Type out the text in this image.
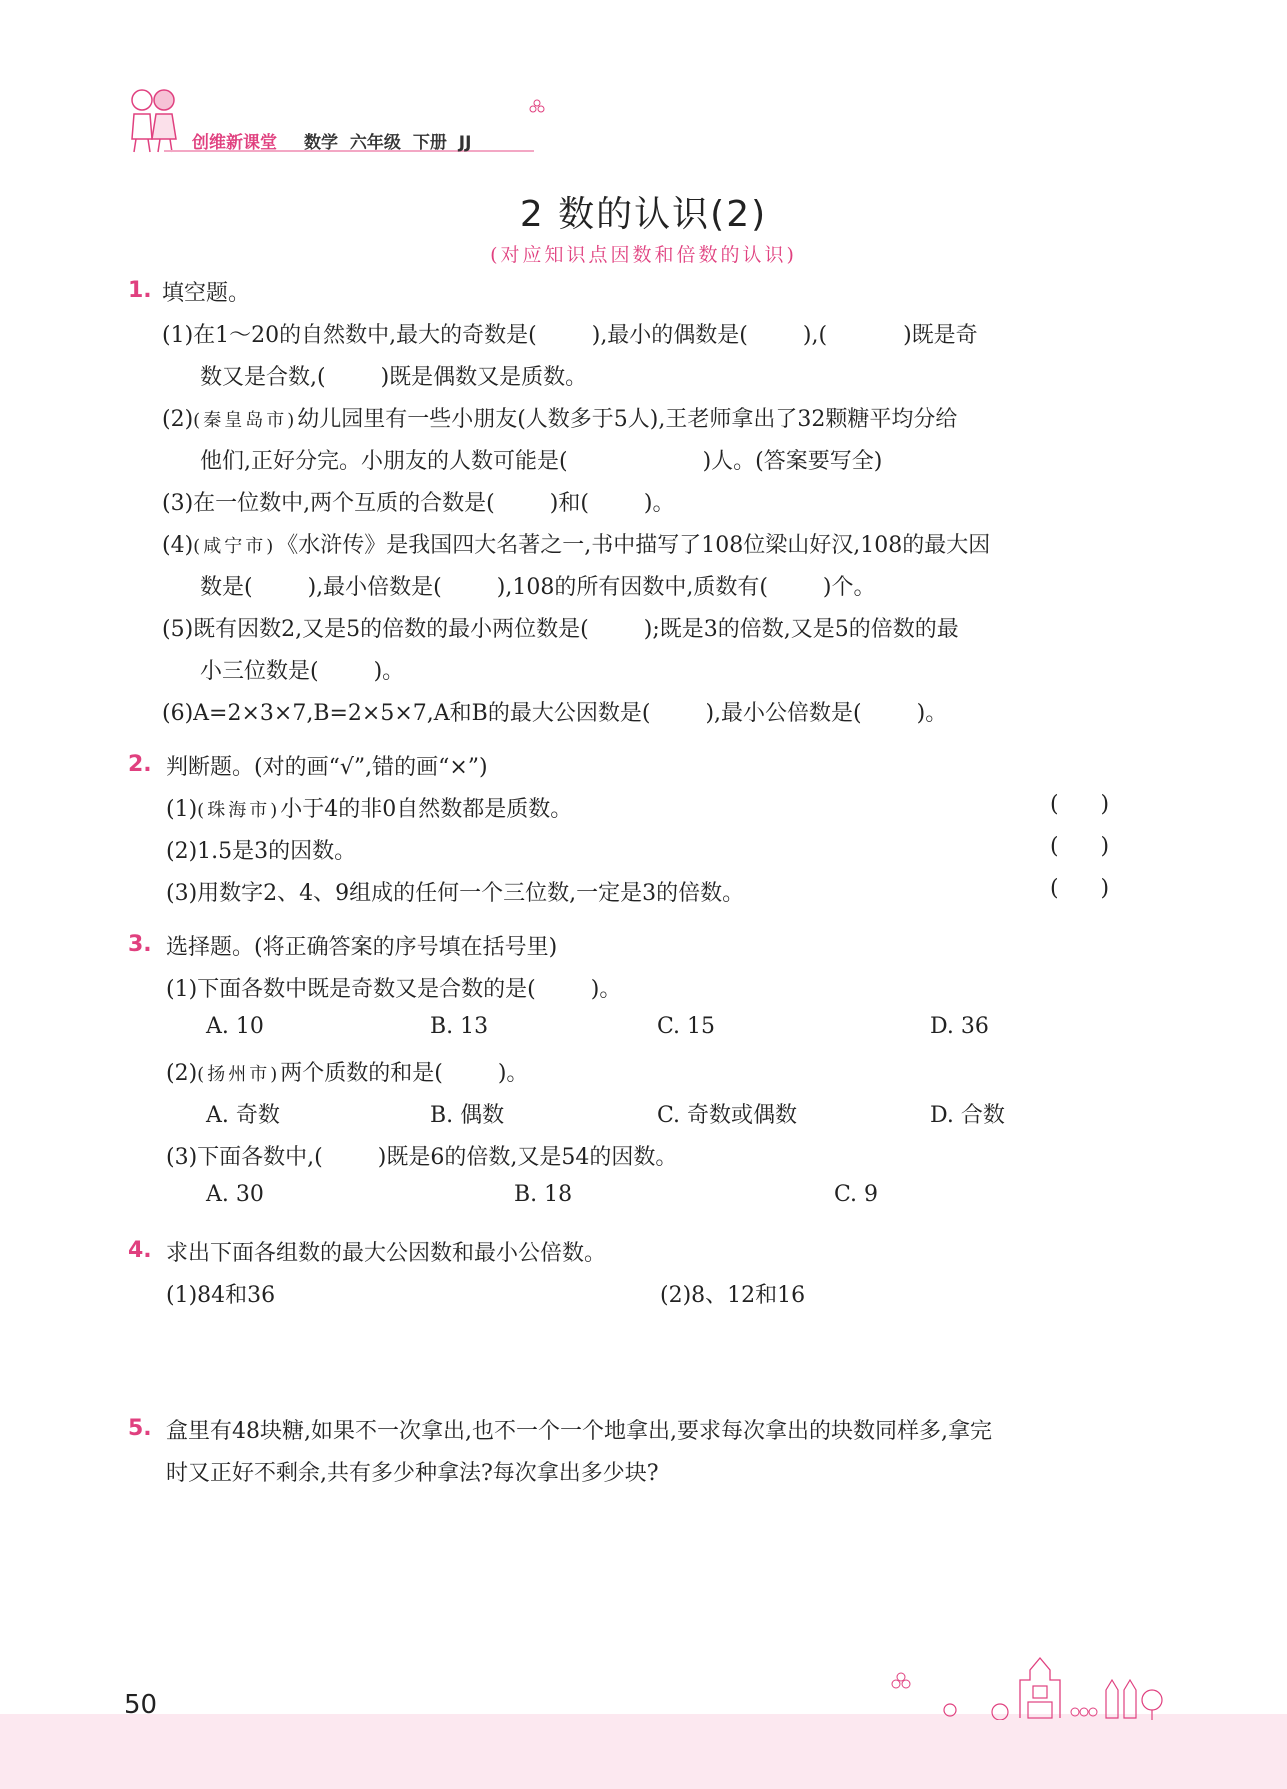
创维新课堂 数学 六年级 下册 JJ
2 数的认识(2)
(对应知识点因数和倍数的认识)
1. 填空题。
(1)在1～20的自然数中,最大的奇数是(	),最小的偶数是(	),(	)既是奇
数又是合数,(	)既是偶数又是质数。
(2)(秦皇岛市)幼儿园里有一些小朋友(人数多于5人),王老师拿出了32颗糖平均分给
他们,正好分完。小朋友的人数可能是(	)人。(答案要写全)
(3)在一位数中,两个互质的合数是(	)和(	)。
(4)(咸宁市)《水浒传》是我国四大名著之一,书中描写了108位梁山好汉,108的最大因
数是(	),最小倍数是(	),108的所有因数中,质数有(	)个。
(5)既有因数2,又是5的倍数的最小两位数是(	);既是3的倍数,又是5的倍数的最
小三位数是(	)。
(6)A=2×3×7,B=2×5×7,A和B的最大公因数是(	),最小公倍数是(	)。
2. 判断题。(对的画“√”,错的画“×”)
(1)(珠海市)小于4的非0自然数都是质数。	(      )
(2)1.5是3的因数。	(      )
(3)用数字2、4、9组成的任何一个三位数,一定是3的倍数。	(      )
3. 选择题。(将正确答案的序号填在括号里)
(1)下面各数中既是奇数又是合数的是(	)。
A. 10	B. 13	C. 15	D. 36
(2)(扬州市)两个质数的和是(	)。
A. 奇数	B. 偶数	C. 奇数或偶数	D. 合数
(3)下面各数中,(	)既是6的倍数,又是54的因数。
A. 30	B. 18	C. 9
4. 求出下面各组数的最大公因数和最小公倍数。
(1)84和36	(2)8、12和16
5. 盒里有48块糖,如果不一次拿出,也不一个一个地拿出,要求每次拿出的块数同样多,拿完
时又正好不剩余,共有多少种拿法?每次拿出多少块?
50
